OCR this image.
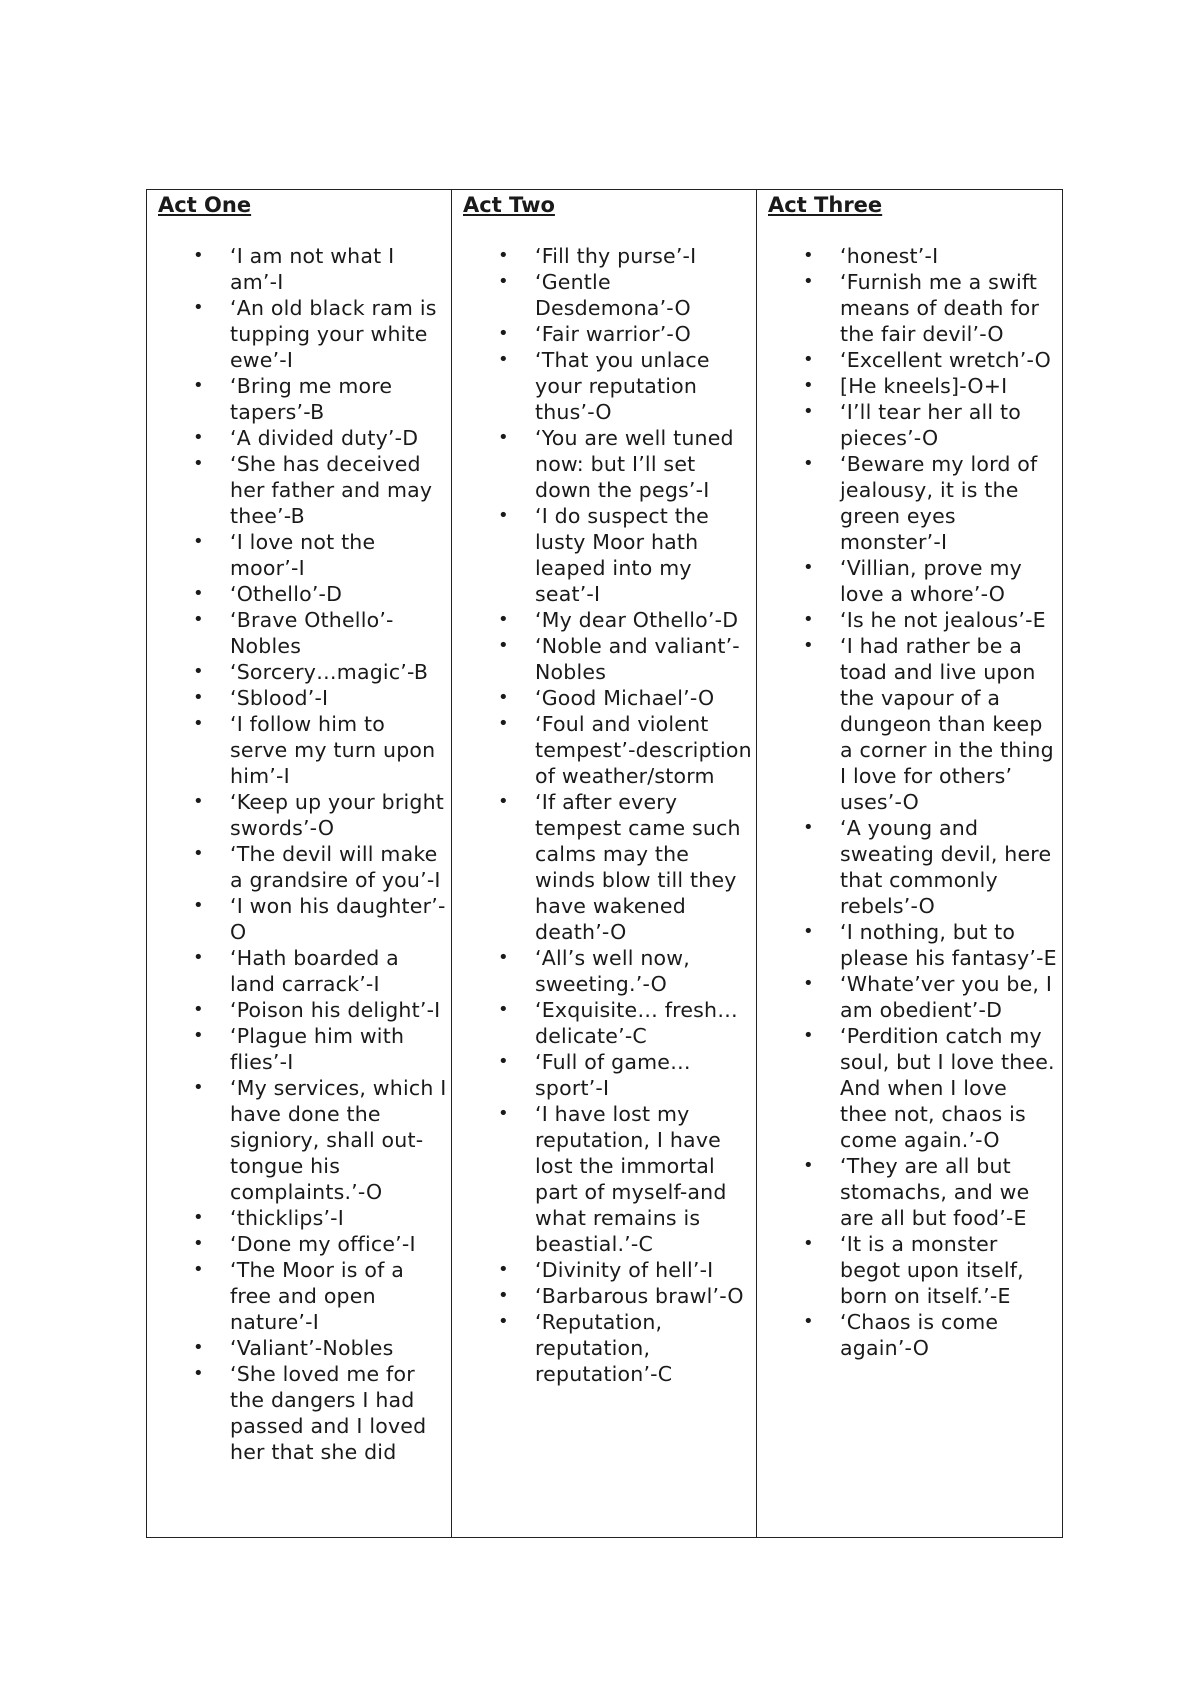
Act One
• ‘I am not what I am’-I
• ‘An old black ram is tupping your white ewe’-I
• ‘Bring me more tapers’-B
• ‘A divided duty’-D
• ‘She has deceived her father and may thee’-B
• ‘I love not the moor’-I
• ‘Othello’-D
• ‘Brave Othello’-Nobles
• ‘Sorcery…magic’-B
• ‘Sblood’-I
• ‘I follow him to serve my turn upon him’-I
• ‘Keep up your bright swords’-O
• ‘The devil will make a grandsire of you’-I
• ‘I won his daughter’-O
• ‘Hath boarded a land carrack’-I
• ‘Poison his delight’-I
• ‘Plague him with flies’-I
• ‘My services, which I have done the signiory, shall out-tongue his complaints.’-O
• ‘thicklips’-I
• ‘Done my office’-I
• ‘The Moor is of a free and open nature’-I
• ‘Valiant’-Nobles
• ‘She loved me for the dangers I had passed and I loved her that she did

Act Two
• ‘Fill thy purse’-I
• ‘Gentle Desdemona’-O
• ‘Fair warrior’-O
• ‘That you unlace your reputation thus’-O
• ‘You are well tuned now: but I’ll set down the pegs’-I
• ‘I do suspect the lusty Moor hath leaped into my seat’-I
• ‘My dear Othello’-D
• ‘Noble and valiant’-Nobles
• ‘Good Michael’-O
• ‘Foul and violent tempest’-description of weather/storm
• ‘If after every tempest came such calms may the winds blow till they have wakened death’-O
• ‘All’s well now, sweeting.’-O
• ‘Exquisite… fresh… delicate’-C
• ‘Full of game… sport’-I
• ‘I have lost my reputation, I have lost the immortal part of myself-and what remains is beastial.’-C
• ‘Divinity of hell’-I
• ‘Barbarous brawl’-O
• ‘Reputation, reputation, reputation’-C

Act Three
• ‘honest’-I
• ‘Furnish me a swift means of death for the fair devil’-O
• ‘Excellent wretch’-O
• [He kneels]-O+I
• ‘I’ll tear her all to pieces’-O
• ‘Beware my lord of jealousy, it is the green eyes monster’-I
• ‘Villian, prove my love a whore’-O
• ‘Is he not jealous’-E
• ‘I had rather be a toad and live upon the vapour of a dungeon than keep a corner in the thing I love for others’ uses’-O
• ‘A young and sweating devil, here that commonly rebels’-O
• ‘I nothing, but to please his fantasy’-E
• ‘Whate’ver you be, I am obedient’-D
• ‘Perdition catch my soul, but I love thee. And when I love thee not, chaos is come again.’-O
• ‘They are all but stomachs, and we are all but food’-E
• ‘It is a monster begot upon itself, born on itself.’-E
• ‘Chaos is come again’-O
